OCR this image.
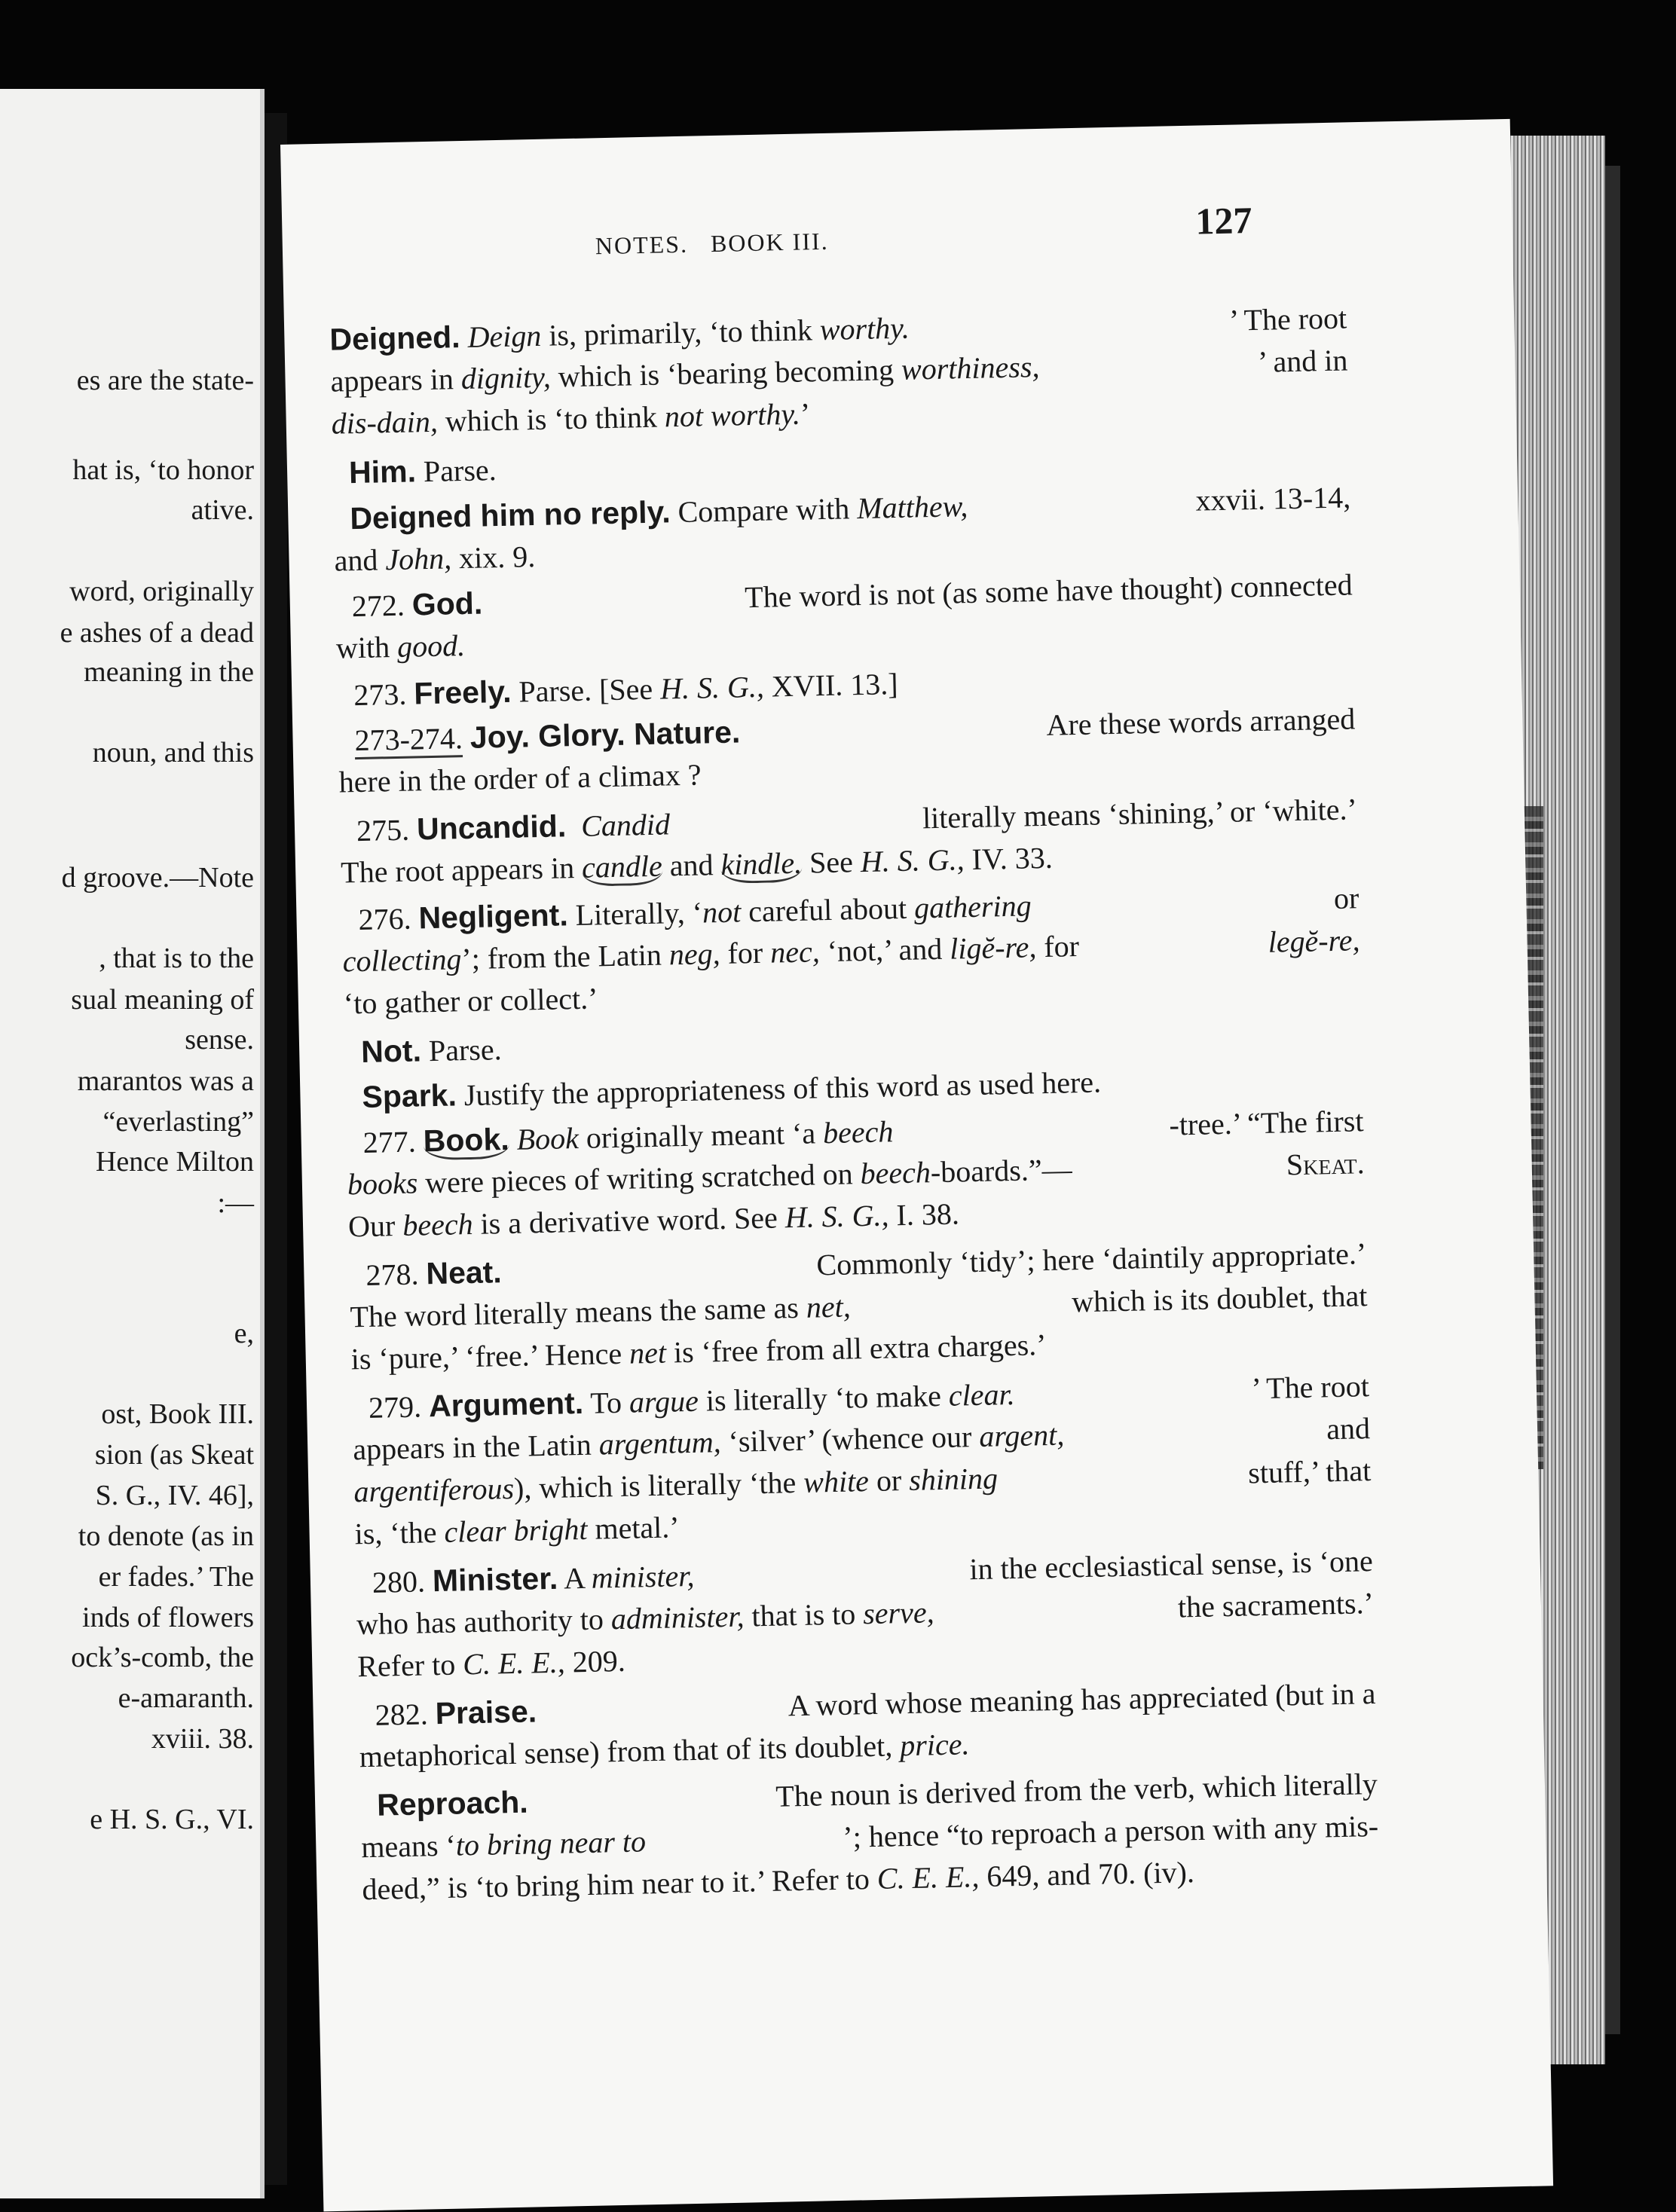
es are the state-
hat is, ‘to honor
ative.
word, originally
e ashes of a dead
meaning in the
noun, and this
d groove.—Note
, that is to the
sual meaning of
sense.
marantos was a
“everlasting”
Hence Milton
:—
e,
ost, Book III.
sion (as Skeat
S. G., IV. 46],
to denote (as in
er fades.’ The
inds of flowers
ock’s-comb, the
e-amaranth.
xviii. 38.
e H. S. G., VI.
NOTES.   BOOK III.
127
Deigned. Deign is, primarily, ‘to think worthy.	’ The root
appears in dignity, which is ‘bearing becoming worthiness,	’ and in
dis-dain, which is ‘to think not worthy.’
Him. Parse.
Deigned him no reply. Compare with Matthew,	xxvii. 13-14,
and John, xix. 9.
272. God.	The word is not (as some have thought) connected
with good.
273. Freely. Parse. [See H. S. G., XVII. 13.]
273-274. Joy. Glory. Nature.	Are these words arranged
here in the order of a climax ?
275. Uncandid. Candid	literally means ‘shining,’ or ‘white.’
The root appears in candle and kindle. See H. S. G., IV. 33.
276. Negligent. Literally, ‘not careful about gathering	or
collecting’; from the Latin neg, for nec, ‘not,’ and ligĕ-re, for	legĕ-re,
‘to gather or collect.’
Not. Parse.
Spark. Justify the appropriateness of this word as used here.
277. Book. Book originally meant ‘a beech	-tree.’ “The first
books were pieces of writing scratched on beech-boards.”—	Skeat.
Our beech is a derivative word. See H. S. G., I. 38.
278. Neat.	Commonly ‘tidy’; here ‘daintily appropriate.’
The word literally means the same as net,	which is its doublet, that
is ‘pure,’ ‘free.’ Hence net is ‘free from all extra charges.’
279. Argument. To argue is literally ‘to make clear.	’ The root
appears in the Latin argentum, ‘silver’ (whence our argent,	and
argentiferous), which is literally ‘the white or shining	stuff,’ that
is, ‘the clear bright metal.’
280. Minister. A minister,	in the ecclesiastical sense, is ‘one
who has authority to administer, that is to serve,	the sacraments.’
Refer to C. E. E., 209.
282. Praise.	A word whose meaning has appreciated (but in a
metaphorical sense) from that of its doublet, price.
Reproach.	The noun is derived from the verb, which literally
means ‘to bring near to	’; hence “to reproach a person with any mis-
deed,” is ‘to bring him near to it.’ Refer to C. E. E., 649, and 70. (iv).
